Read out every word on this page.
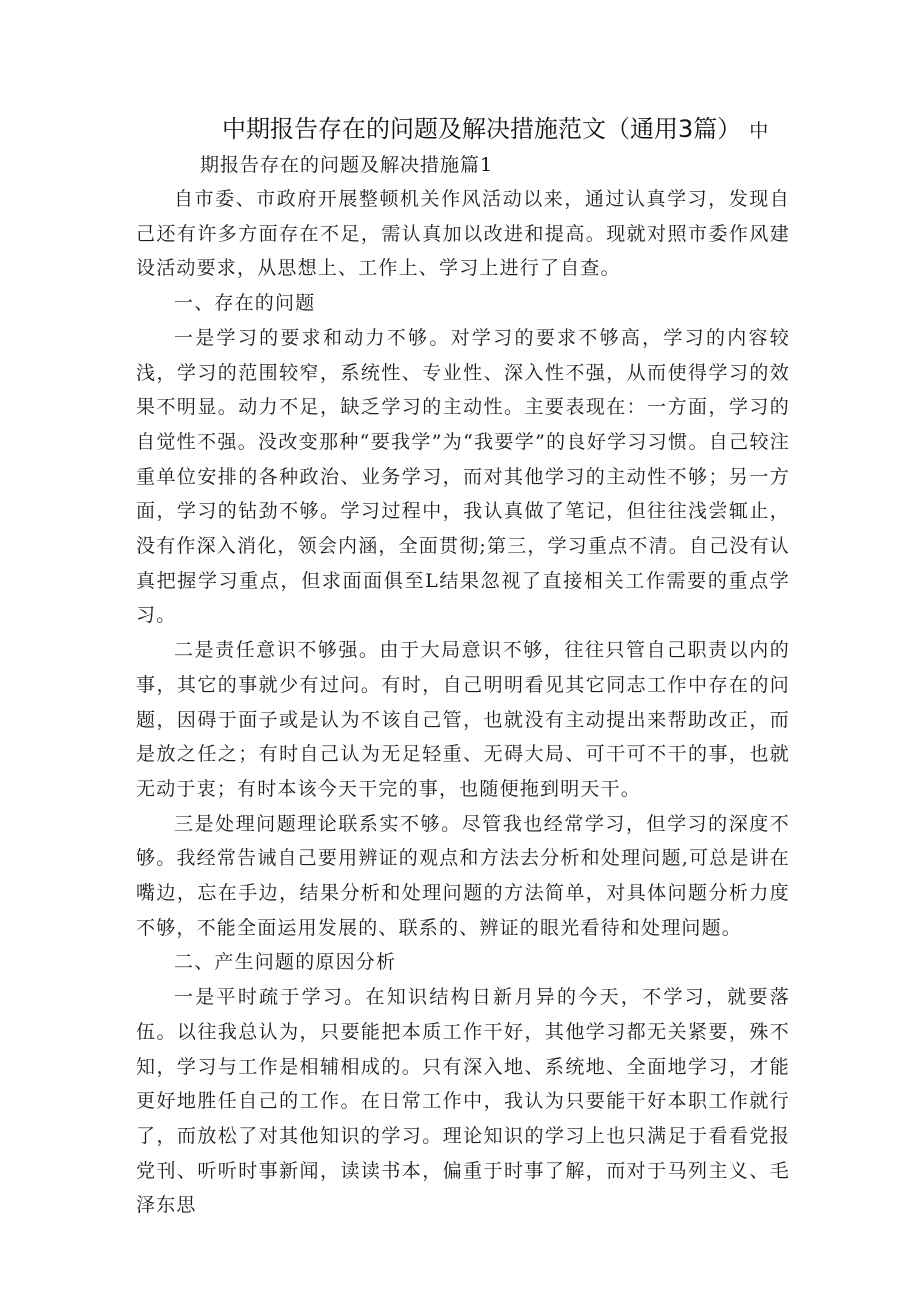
中期报告存在的问题及解决措施范文（通用3篇） 中
期报告存在的问题及解决措施篇1

自市委、市政府开展整顿机关作风活动以来，通过认真学习，发现自己还有许多方面存在不足，需认真加以改进和提高。现就对照市委作风建设活动要求，从思想上、工作上、学习上进行了自查。

一、存在的问题

一是学习的要求和动力不够。对学习的要求不够高，学习的内容较浅，学习的范围较窄，系统性、专业性、深入性不强，从而使得学习的效果不明显。动力不足，缺乏学习的主动性。主要表现在：一方面，学习的自觉性不强。没改变那种“要我学”为“我要学”的良好学习习惯。自己较注重单位安排的各种政治、业务学习，而对其他学习的主动性不够；另一方面，学习的钻劲不够。学习过程中，我认真做了笔记，但往往浅尝辄止，没有作深入消化，领会内涵，全面贯彻;第三，学习重点不清。自己没有认真把握学习重点，但求面面俱至L结果忽视了直接相关工作需要的重点学习。

二是责任意识不够强。由于大局意识不够，往往只管自己职责以内的事，其它的事就少有过问。有时，自己明明看见其它同志工作中存在的问题，因碍于面子或是认为不该自己管，也就没有主动提出来帮助改正，而是放之任之；有时自己认为无足轻重、无碍大局、可干可不干的事，也就无动于衷；有时本该今天干完的事，也随便拖到明天干。

三是处理问题理论联系实不够。尽管我也经常学习，但学习的深度不够。我经常告诫自己要用辨证的观点和方法去分析和处理问题,可总是讲在嘴边，忘在手边，结果分析和处理问题的方法简单，对具体问题分析力度不够，不能全面运用发展的、联系的、辨证的眼光看待和处理问题。

二、产生问题的原因分析

一是平时疏于学习。在知识结构日新月异的今天，不学习，就要落伍。以往我总认为，只要能把本质工作干好，其他学习都无关紧要，殊不知，学习与工作是相辅相成的。只有深入地、系统地、全面地学习，才能更好地胜任自己的工作。在日常工作中，我认为只要能干好本职工作就行了，而放松了对其他知识的学习。理论知识的学习上也只满足于看看党报党刊、听听时事新闻，读读书本，偏重于时事了解，而对于马列主义、毛泽东思
